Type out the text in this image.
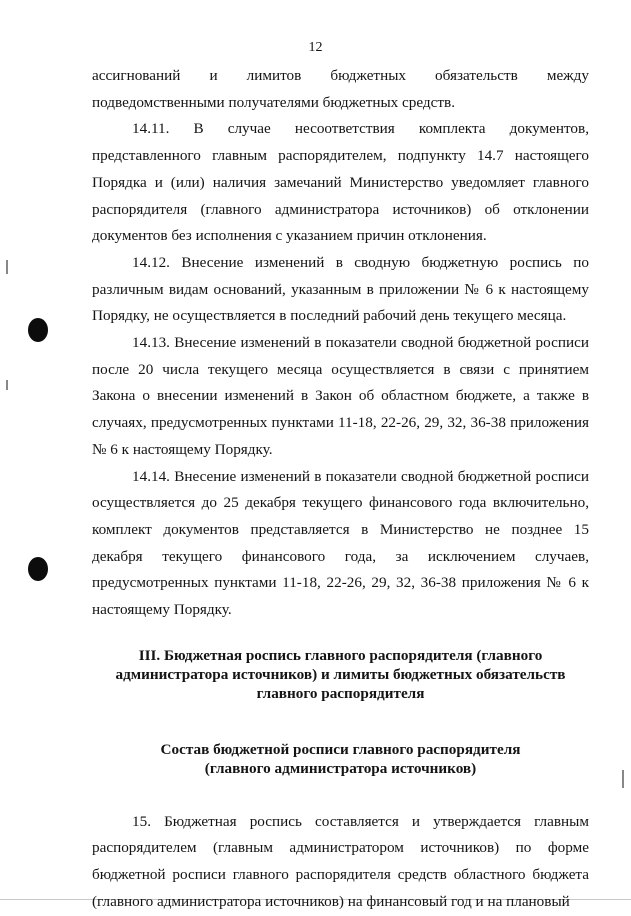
12

ассигнований и лимитов бюджетных обязательств между подведомственными получателями бюджетных средств.

14.11. В случае несоответствия комплекта документов, представленного главным распорядителем, подпункту 14.7 настоящего Порядка и (или) наличия замечаний Министерство уведомляет главного распорядителя (главного администратора источников) об отклонении документов без исполнения с указанием причин отклонения.

14.12. Внесение изменений в сводную бюджетную роспись по различным видам оснований, указанным в приложении № 6 к настоящему Порядку, не осуществляется в последний рабочий день текущего месяца.

14.13. Внесение изменений в показатели сводной бюджетной росписи после 20 числа текущего месяца осуществляется в связи с принятием Закона о внесении изменений в Закон об областном бюджете, а также в случаях, предусмотренных пунктами 11-18, 22-26, 29, 32, 36-38 приложения № 6 к настоящему Порядку.

14.14. Внесение изменений в показатели сводной бюджетной росписи осуществляется до 25 декабря текущего финансового года включительно, комплект документов представляется в Министерство не позднее 15 декабря текущего финансового года, за исключением случаев, предусмотренных пунктами 11-18, 22-26, 29, 32, 36-38 приложения № 6 к настоящему Порядку.

III. Бюджетная роспись главного распорядителя (главного
администратора источников) и лимиты бюджетных обязательств
главного распорядителя
Состав бюджетной росписи главного распорядителя
(главного администратора источников)

15. Бюджетная роспись составляется и утверждается главным распорядителем (главным администратором источников) по форме бюджетной росписи главного распорядителя средств областного бюджета (главного администратора источников) на финансовый год и на плановый
